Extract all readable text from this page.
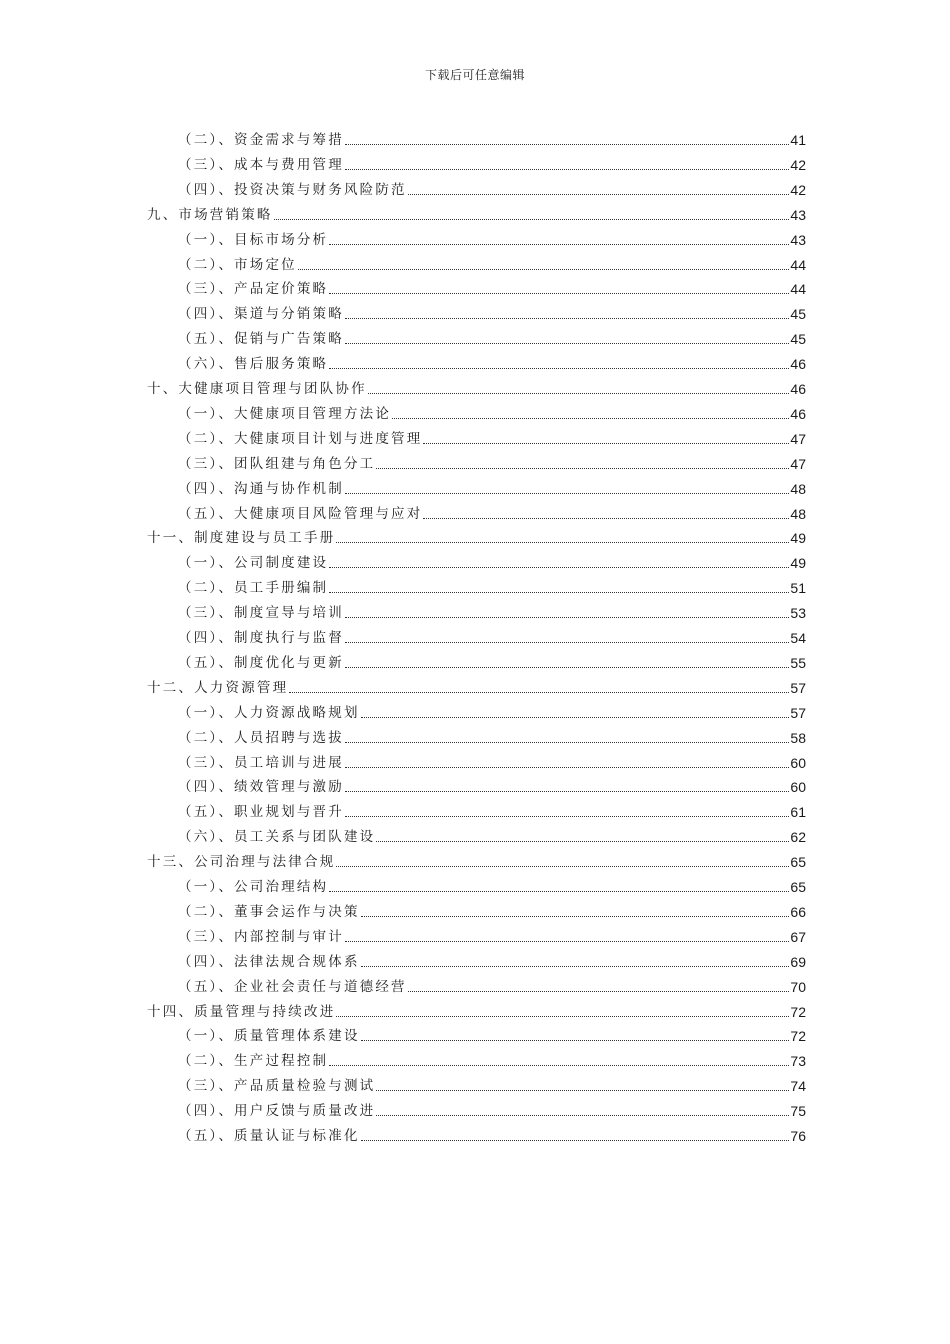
下载后可任意编辑
（二）、资金需求与筹措	41
（三）、成本与费用管理	42
（四）、投资决策与财务风险防范	42
九、市场营销策略	43
（一）、目标市场分析	43
（二）、市场定位	44
（三）、产品定价策略	44
（四）、渠道与分销策略	45
（五）、促销与广告策略	45
（六）、售后服务策略	46
十、大健康项目管理与团队协作	46
（一）、大健康项目管理方法论	46
（二）、大健康项目计划与进度管理	47
（三）、团队组建与角色分工	47
（四）、沟通与协作机制	48
（五）、大健康项目风险管理与应对	48
十一、制度建设与员工手册	49
（一）、公司制度建设	49
（二）、员工手册编制	51
（三）、制度宣导与培训	53
（四）、制度执行与监督	54
（五）、制度优化与更新	55
十二、人力资源管理	57
（一）、人力资源战略规划	57
（二）、人员招聘与选拔	58
（三）、员工培训与进展	60
（四）、绩效管理与激励	60
（五）、职业规划与晋升	61
（六）、员工关系与团队建设	62
十三、公司治理与法律合规	65
（一）、公司治理结构	65
（二）、董事会运作与决策	66
（三）、内部控制与审计	67
（四）、法律法规合规体系	69
（五）、企业社会责任与道德经营	70
十四、质量管理与持续改进	72
（一）、质量管理体系建设	72
（二）、生产过程控制	73
（三）、产品质量检验与测试	74
（四）、用户反馈与质量改进	75
（五）、质量认证与标准化	76
